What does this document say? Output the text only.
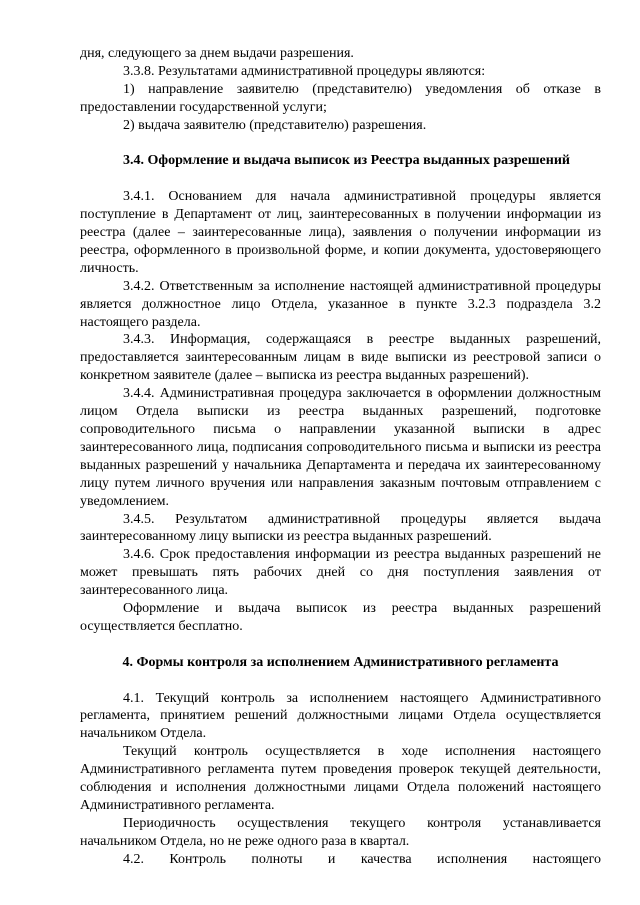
дня, следующего за днем выдачи разрешения.

3.3.8. Результатами административной процедуры являются:

1) направление заявителю (представителю) уведомления об отказе в предоставлении государственной услуги;

2) выдача заявителю (представителю) разрешения.

3.4. Оформление и выдача выписок из Реестра выданных разрешений

3.4.1. Основанием для начала административной процедуры является поступление в Департамент от лиц, заинтересованных в получении информации из реестра (далее – заинтересованные лица), заявления о получении информации из реестра, оформленного в произвольной форме, и копии документа, удостоверяющего личность.

3.4.2. Ответственным за исполнение настоящей административной процедуры является должностное лицо Отдела, указанное в пункте 3.2.3 подраздела 3.2 настоящего раздела.

3.4.3. Информация, содержащаяся в реестре выданных разрешений, предоставляется заинтересованным лицам в виде выписки из реестровой записи о конкретном заявителе (далее – выписка из реестра выданных разрешений).

3.4.4. Административная процедура заключается в оформлении должностным лицом Отдела выписки из реестра выданных разрешений, подготовке сопроводительного письма о направлении указанной выписки в адрес заинтересованного лица, подписания сопроводительного письма и выписки из реестра выданных разрешений у начальника Департамента и передача их заинтересованному лицу путем личного вручения или направления заказным почтовым отправлением с уведомлением.

3.4.5. Результатом административной процедуры является выдача заинтересованному лицу выписки из реестра выданных разрешений.

3.4.6. Срок предоставления информации из реестра выданных разрешений не может превышать пять рабочих дней со дня поступления заявления от заинтересованного лица.

Оформление и выдача выписок из реестра выданных разрешений осуществляется бесплатно.

4. Формы контроля за исполнением Административного регламента

4.1. Текущий контроль за исполнением настоящего Административного регламента, принятием решений должностными лицами Отдела осуществляется начальником Отдела.

Текущий контроль осуществляется в ходе исполнения настоящего Административного регламента путем проведения проверок текущей деятельности, соблюдения и исполнения должностными лицами Отдела положений настоящего Административного регламента.

Периодичность осуществления текущего контроля устанавливается начальником Отдела, но не реже одного раза в квартал.

4.2. Контроль полноты и качества исполнения настоящего
